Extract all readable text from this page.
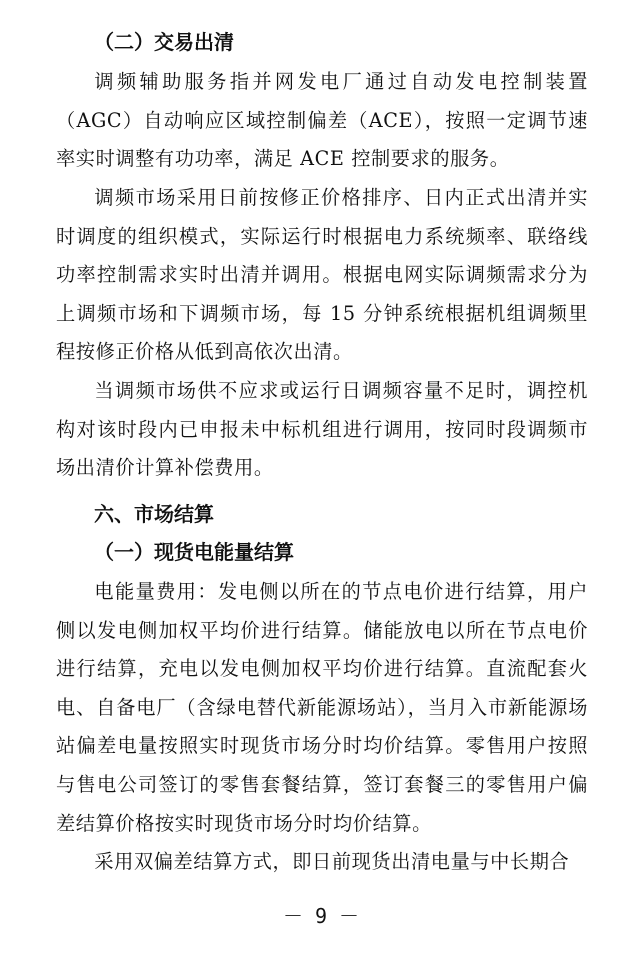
（二）交易出清

调频辅助服务指并网发电厂通过自动发电控制装置（AGC）自动响应区域控制偏差（ACE），按照一定调节速率实时调整有功功率，满足 ACE 控制要求的服务。

调频市场采用日前按修正价格排序、日内正式出清并实时调度的组织模式，实际运行时根据电力系统频率、联络线功率控制需求实时出清并调用。根据电网实际调频需求分为上调频市场和下调频市场，每 15 分钟系统根据机组调频里程按修正价格从低到高依次出清。

当调频市场供不应求或运行日调频容量不足时，调控机构对该时段内已申报未中标机组进行调用，按同时段调频市场出清价计算补偿费用。

六、市场结算
（一）现货电能量结算

电能量费用：发电侧以所在的节点电价进行结算，用户侧以发电侧加权平均价进行结算。储能放电以所在节点电价进行结算，充电以发电侧加权平均价进行结算。直流配套火电、自备电厂（含绿电替代新能源场站），当月入市新能源场站偏差电量按照实时现货市场分时均价结算。零售用户按照与售电公司签订的零售套餐结算，签订套餐三的零售用户偏差结算价格按实时现货市场分时均价结算。

采用双偏差结算方式，即日前现货出清电量与中长期合

－ 9 －
